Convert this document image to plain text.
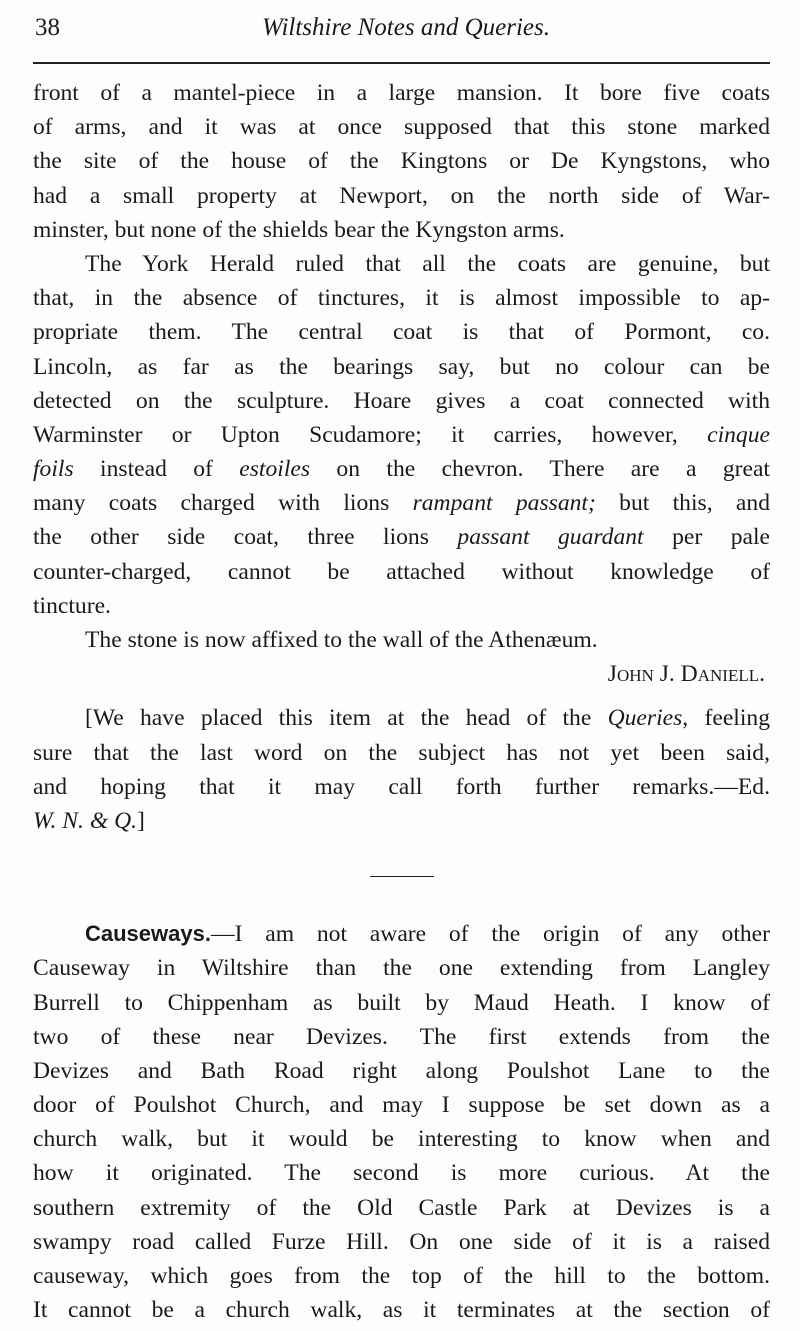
38	Wiltshire Notes and Queries.
front of a mantel-piece in a large mansion. It bore five coats
of arms, and it was at once supposed that this stone marked
the site of the house of the Kingtons or De Kyngstons, who
had a small property at Newport, on the north side of War-
minster, but none of the shields bear the Kyngston arms.
The York Herald ruled that all the coats are genuine, but
that, in the absence of tinctures, it is almost impossible to ap-
propriate them. The central coat is that of Pormont, co.
Lincoln, as far as the bearings say, but no colour can be
detected on the sculpture. Hoare gives a coat connected with
Warminster or Upton Scudamore; it carries, however, cinque
foils instead of estoiles on the chevron. There are a great
many coats charged with lions rampant passant; but this, and
the other side coat, three lions passant guardant per pale
counter-charged, cannot be attached without knowledge of
tincture.
The stone is now affixed to the wall of the Athenæum.
John J. Daniell.
[We have placed this item at the head of the Queries, feeling
sure that the last word on the subject has not yet been said,
and hoping that it may call forth further remarks.—Ed.
W. N. & Q.]
Causeways.—I am not aware of the origin of any other
Causeway in Wiltshire than the one extending from Langley
Burrell to Chippenham as built by Maud Heath. I know of
two of these near Devizes. The first extends from the
Devizes and Bath Road right along Poulshot Lane to the
door of Poulshot Church, and may I suppose be set down as a
church walk, but it would be interesting to know when and
how it originated. The second is more curious. At the
southern extremity of the Old Castle Park at Devizes is a
swampy road called Furze Hill. On one side of it is a raised
causeway, which goes from the top of the hill to the bottom.
It cannot be a church walk, as it terminates at the section of
